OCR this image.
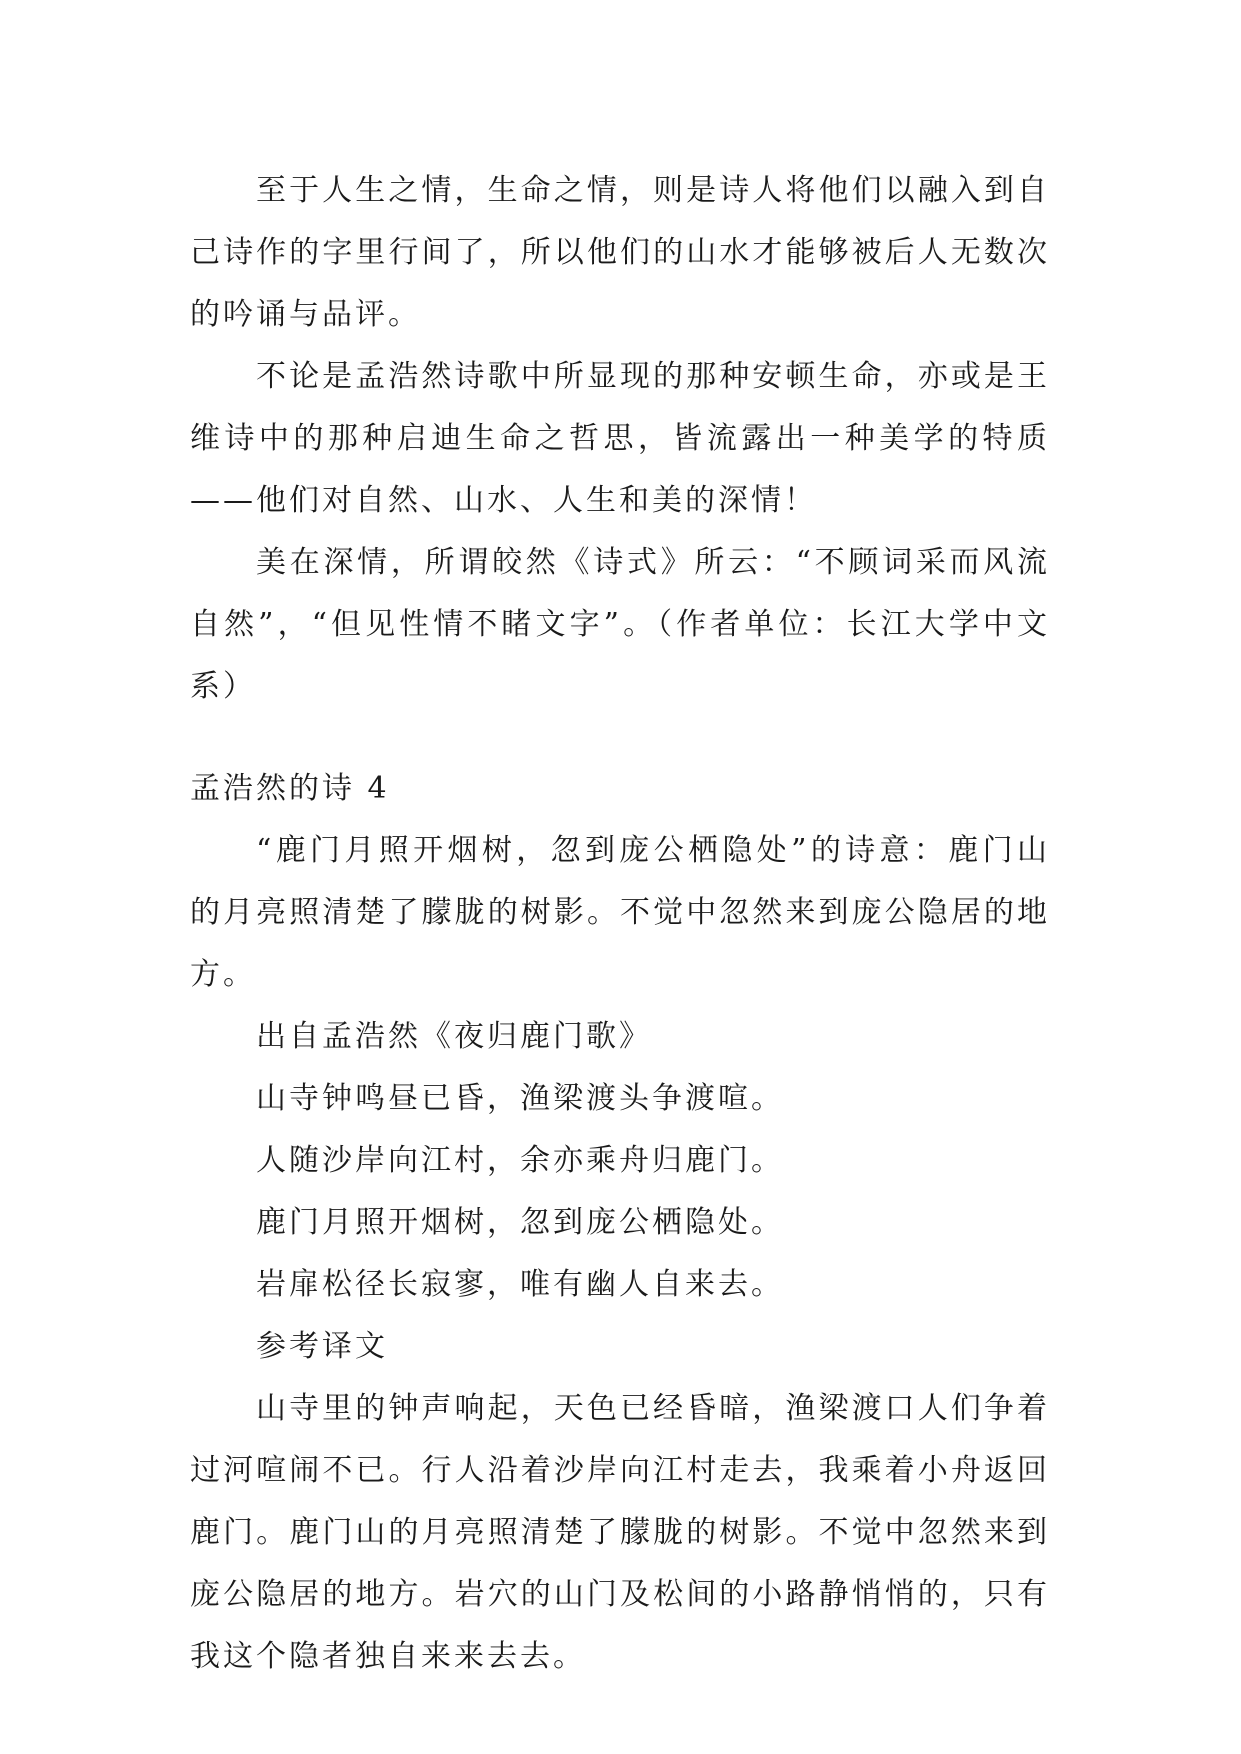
至于人生之情，生命之情，则是诗人将他们以融入到自己诗作的字里行间了，所以他们的山水才能够被后人无数次的吟诵与品评。

不论是孟浩然诗歌中所显现的那种安顿生命，亦或是王维诗中的那种启迪生命之哲思，皆流露出一种美学的特质——他们对自然、山水、人生和美的深情！

美在深情，所谓皎然《诗式》所云：“不顾词采而风流自然”，“但见性情不睹文字”。（作者单位：长江大学中文系）

孟浩然的诗 4

“鹿门月照开烟树，忽到庞公栖隐处”的诗意：鹿门山的月亮照清楚了朦胧的树影。不觉中忽然来到庞公隐居的地方。

出自孟浩然《夜归鹿门歌》

山寺钟鸣昼已昏，渔梁渡头争渡喧。

人随沙岸向江村，余亦乘舟归鹿门。

鹿门月照开烟树，忽到庞公栖隐处。

岩扉松径长寂寥，唯有幽人自来去。

参考译文

山寺里的钟声响起，天色已经昏暗，渔梁渡口人们争着过河喧闹不已。行人沿着沙岸向江村走去，我乘着小舟返回鹿门。鹿门山的月亮照清楚了朦胧的树影。不觉中忽然来到庞公隐居的地方。岩穴的山门及松间的小路静悄悄的，只有我这个隐者独自来来去去。
